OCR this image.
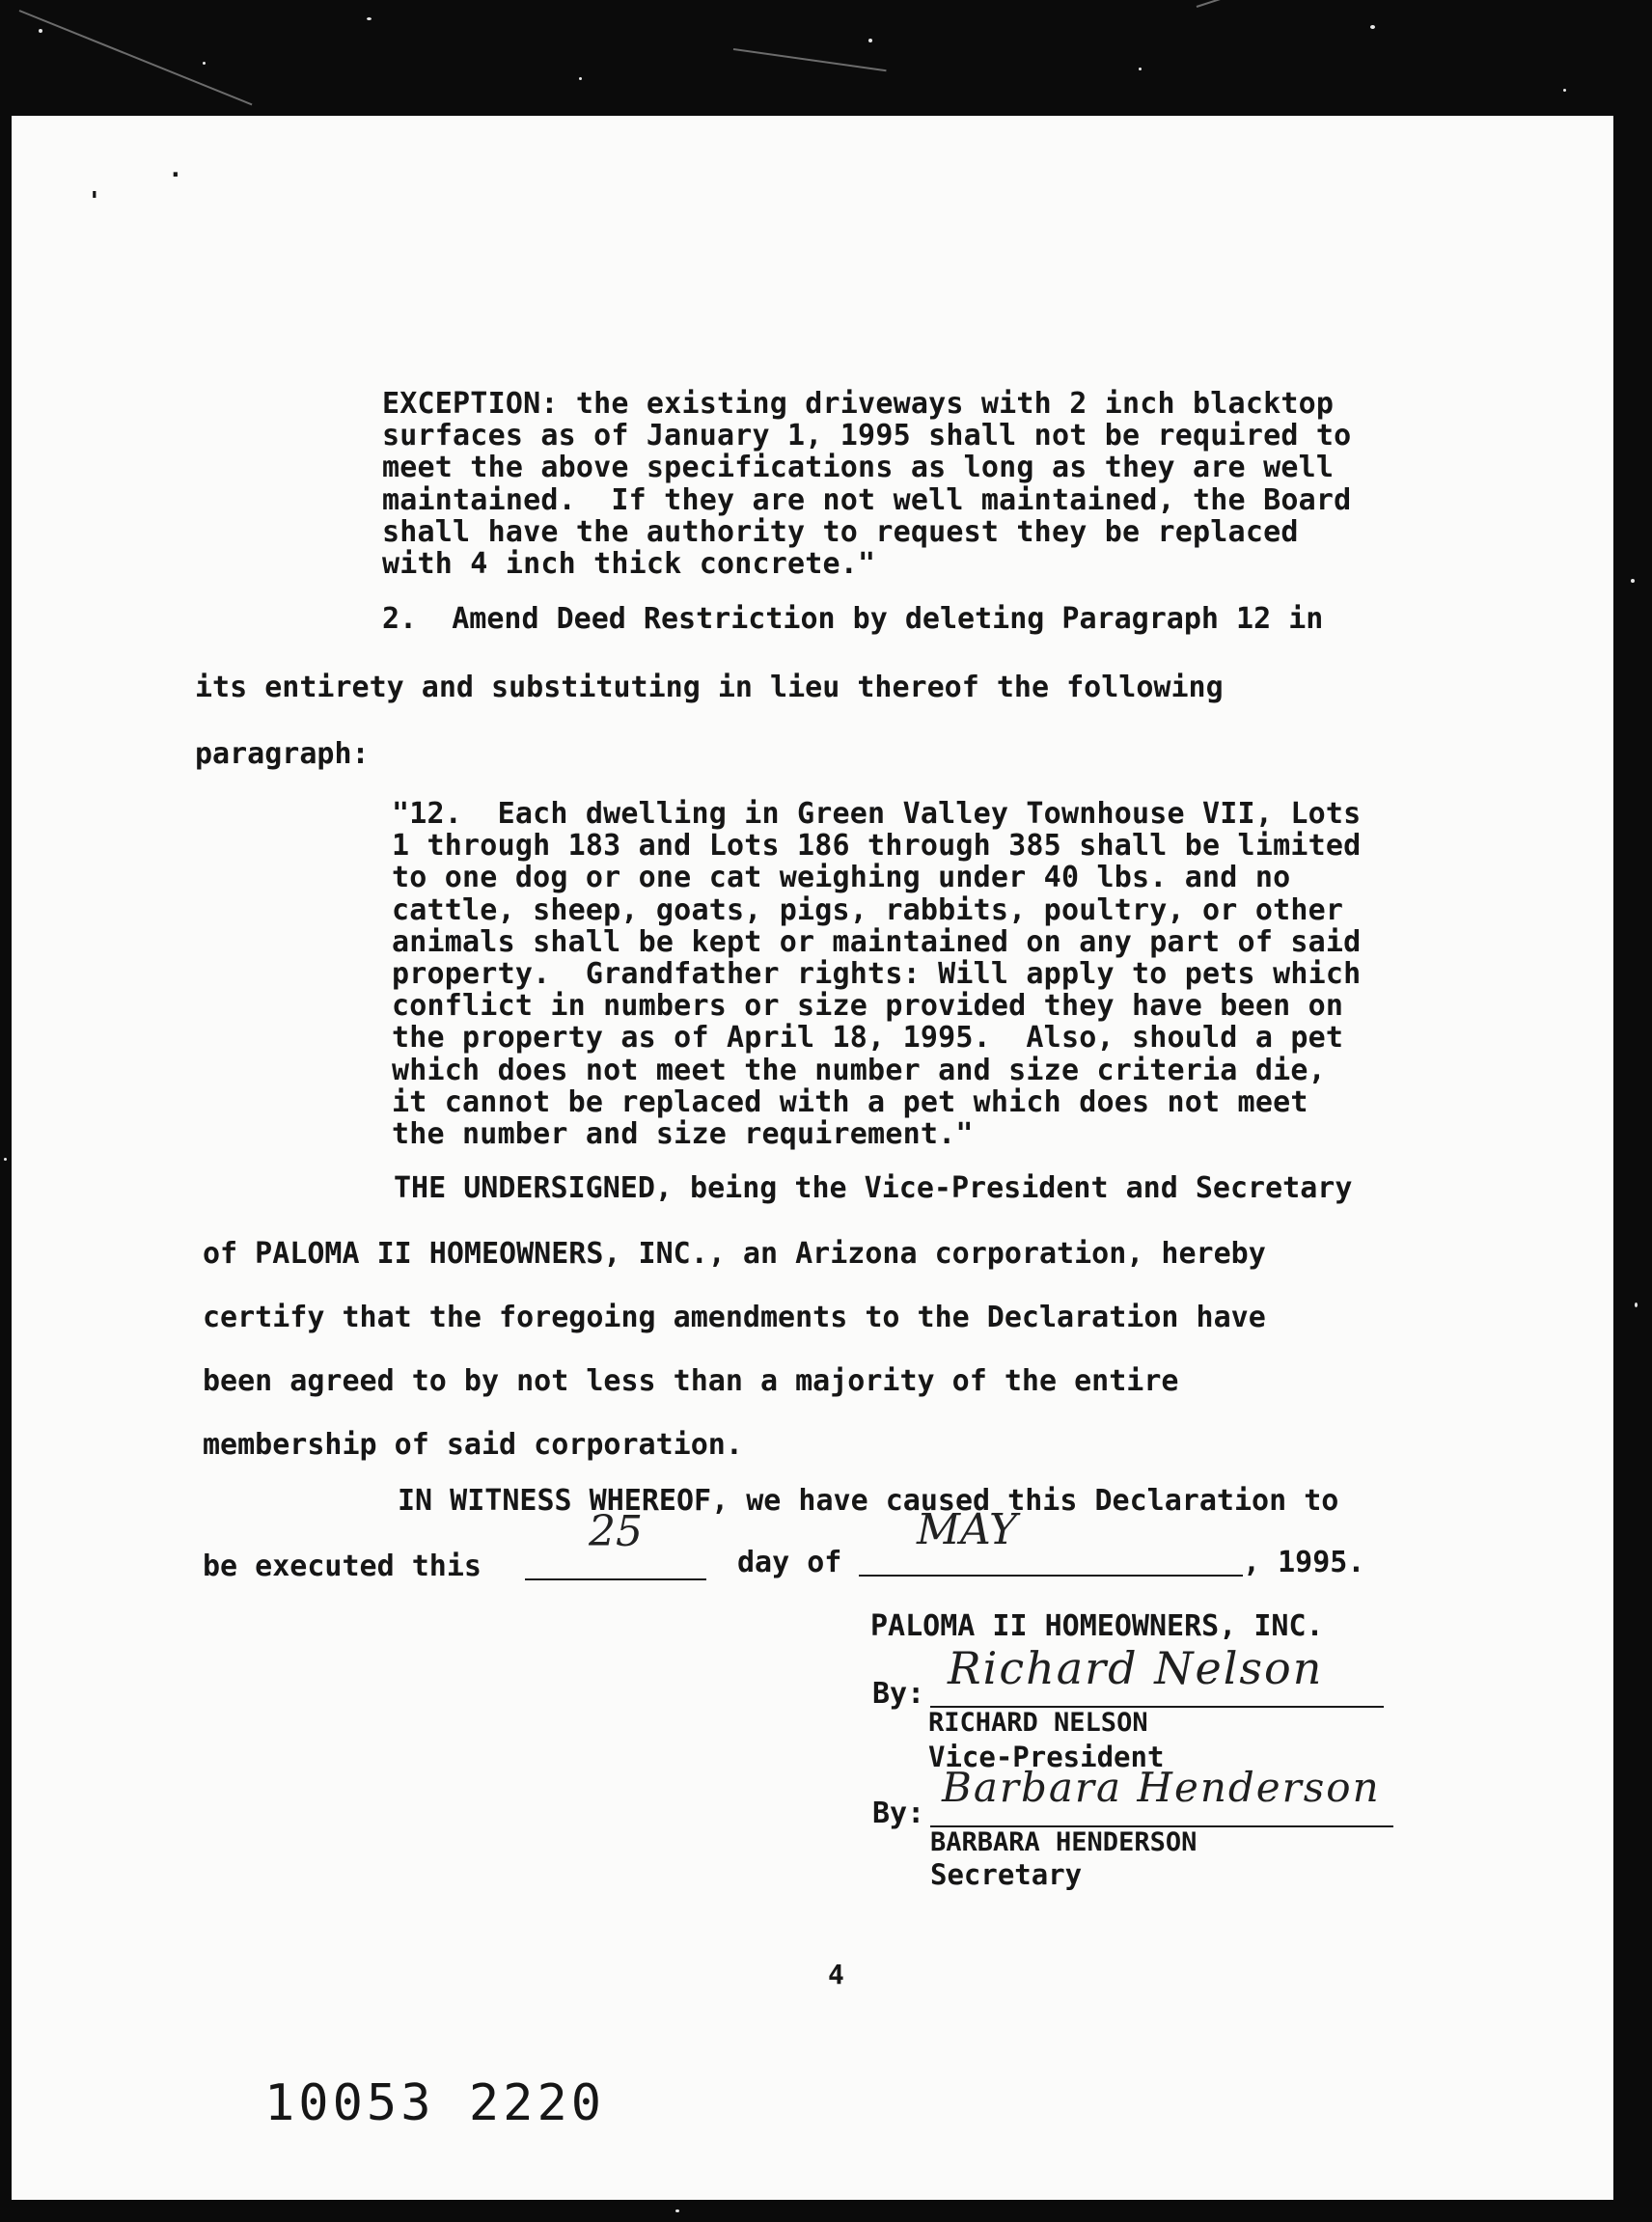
'
.
EXCEPTION: the existing driveways with 2 inch blacktop
surfaces as of January 1, 1995 shall not be required to
meet the above specifications as long as they are well
maintained.  If they are not well maintained, the Board
shall have the authority to request they be replaced
with 4 inch thick concrete."
2.  Amend Deed Restriction by deleting Paragraph 12 in
its entirety and substituting in lieu thereof the following
paragraph:
"12.  Each dwelling in Green Valley Townhouse VII, Lots
1 through 183 and Lots 186 through 385 shall be limited
to one dog or one cat weighing under 40 lbs. and no
cattle, sheep, goats, pigs, rabbits, poultry, or other
animals shall be kept or maintained on any part of said
property.  Grandfather rights: Will apply to pets which
conflict in numbers or size provided they have been on
the property as of April 18, 1995.  Also, should a pet
which does not meet the number and size criteria die,
it cannot be replaced with a pet which does not meet
the number and size requirement."
THE UNDERSIGNED, being the Vice-President and Secretary
of PALOMA II HOMEOWNERS, INC., an Arizona corporation, hereby
certify that the foregoing amendments to the Declaration have
been agreed to by not less than a majority of the entire
membership of said corporation.
IN WITNESS WHEREOF, we have caused this Declaration to
be executed this
25
day of
MAY
, 1995.
PALOMA II HOMEOWNERS, INC.
By: Richard Nelson
RICHARD NELSON
Vice-President
By:
Barbara Henderson
BARBARA HENDERSON
Secretary
4
10053 2220
